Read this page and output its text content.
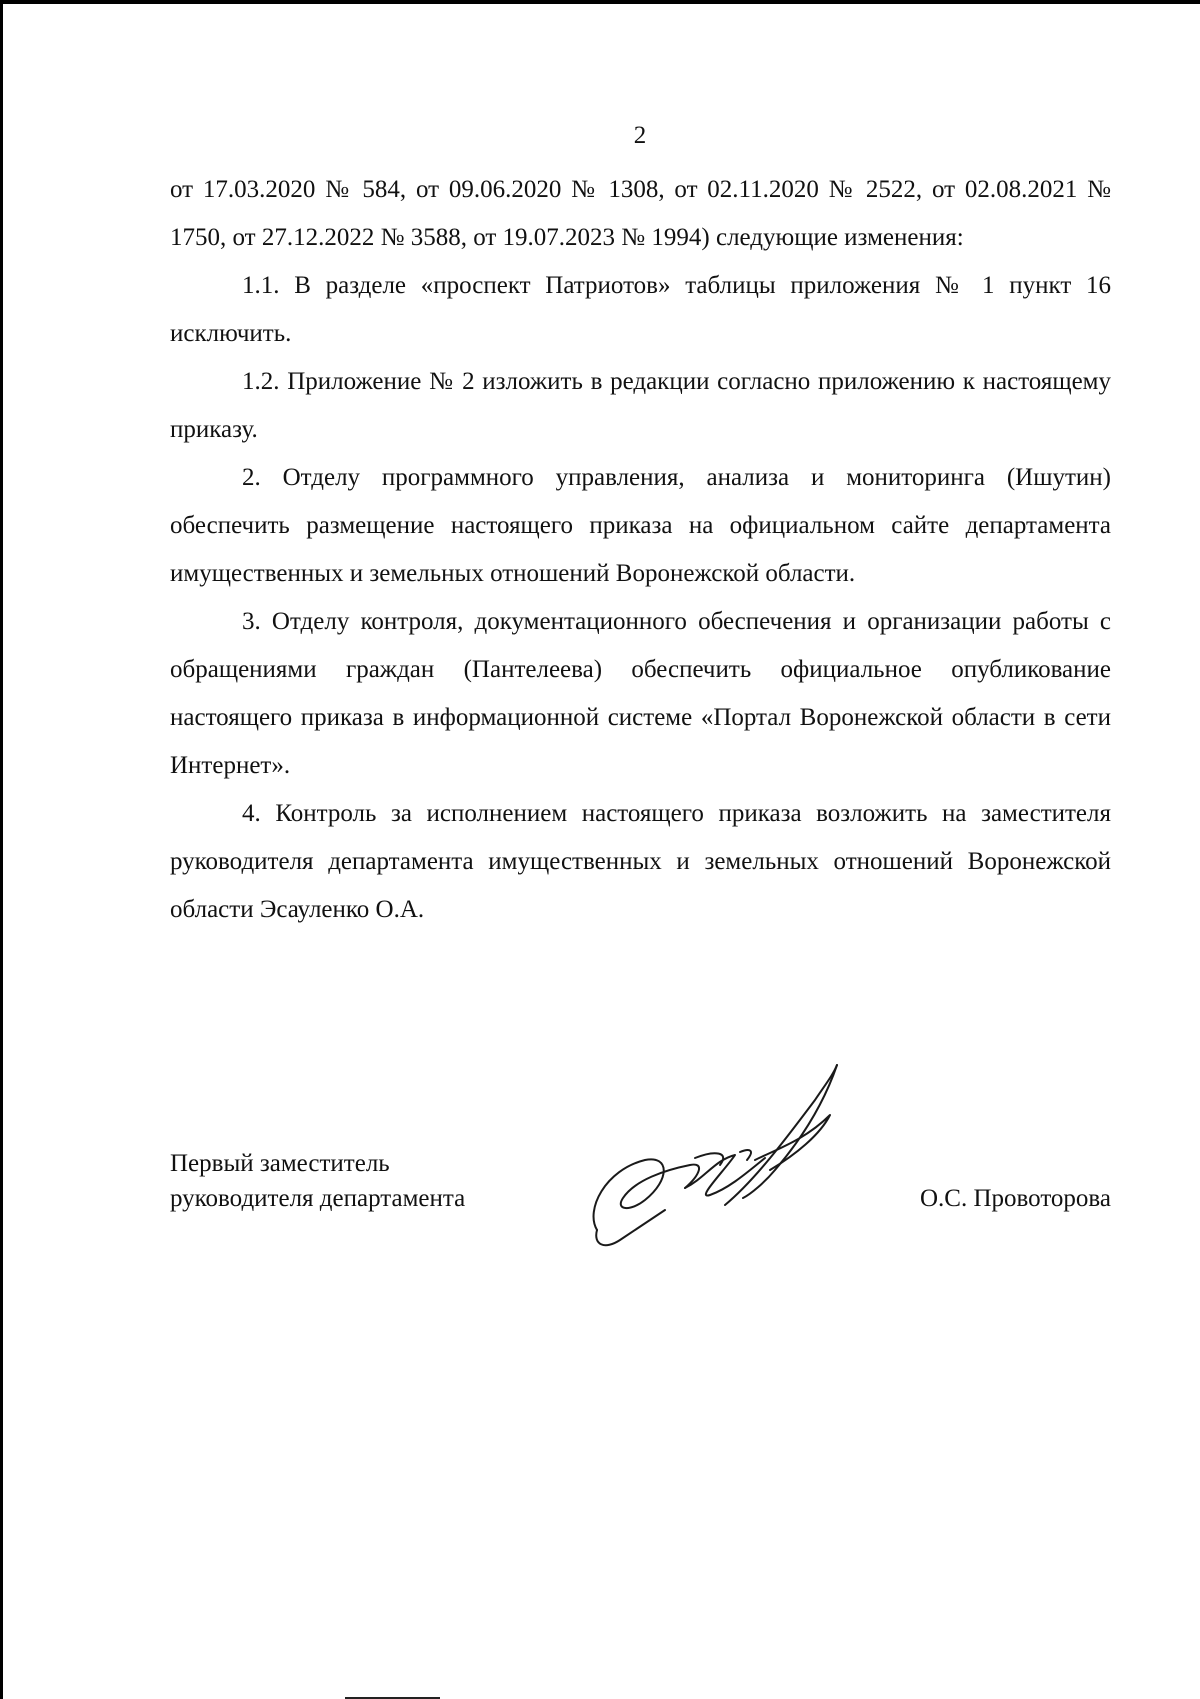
2

от 17.03.2020 № 584, от 09.06.2020 № 1308, от 02.11.2020 № 2522, от 02.08.2021 № 1750, от 27.12.2022 № 3588, от 19.07.2023 № 1994) следующие изменения:

1.1. В разделе «проспект Патриотов» таблицы приложения № 1 пункт 16 исключить.

1.2. Приложение № 2 изложить в редакции согласно приложению к настоящему приказу.

2. Отделу программного управления, анализа и мониторинга (Ишутин) обеспечить размещение настоящего приказа на официальном сайте департамента имущественных и земельных отношений Воронежской области.

3. Отделу контроля, документационного обеспечения и организации работы с обращениями граждан (Пантелеева) обеспечить официальное опубликование настоящего приказа в информационной системе «Портал Воронежской области в сети Интернет».

4. Контроль за исполнением настоящего приказа возложить на заместителя руководителя департамента имущественных и земельных отношений Воронежской области Эсауленко О.А.

Первый заместитель
руководителя департамента	О.С. Провоторова
